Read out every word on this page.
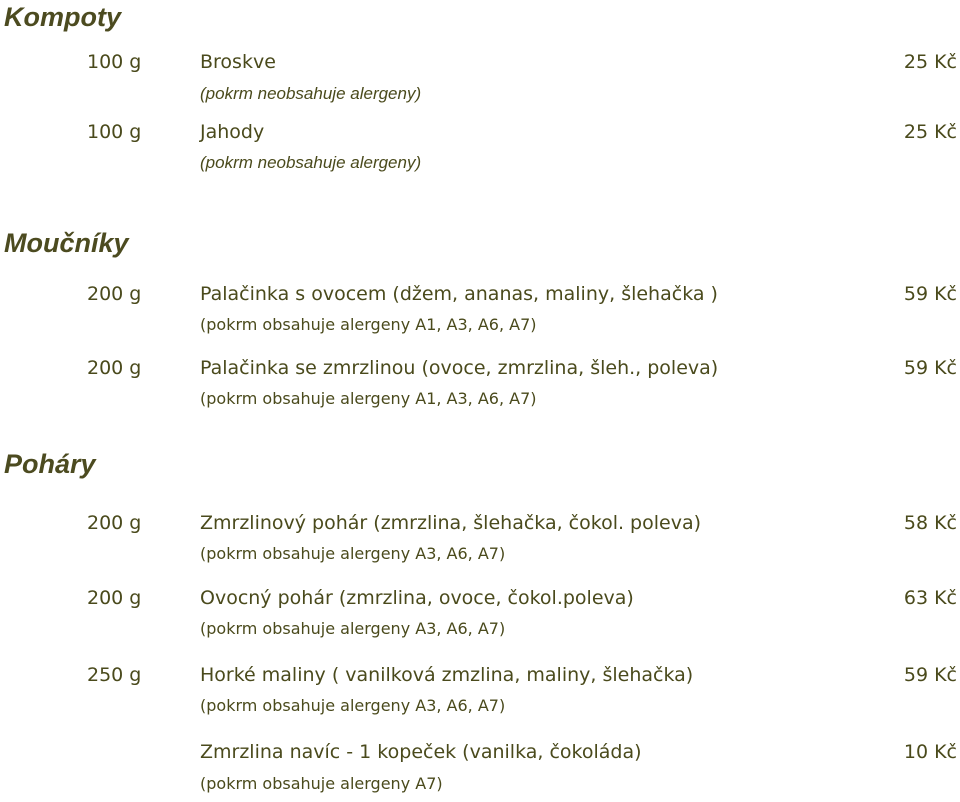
Kompoty
100 g	Broskve	25 Kč
(pokrm neobsahuje alergeny)
100 g	Jahody	25 Kč
(pokrm neobsahuje alergeny)
Moučníky
200 g	Palačinka s ovocem (džem, ananas, maliny, šlehačka )	59 Kč
(pokrm obsahuje alergeny A1, A3, A6, A7)
200 g	Palačinka se zmrzlinou (ovoce, zmrzlina, šleh., poleva)	59 Kč
(pokrm obsahuje alergeny A1, A3, A6, A7)
Poháry
200 g	Zmrzlinový pohár (zmrzlina, šlehačka, čokol. poleva)	58 Kč
(pokrm obsahuje alergeny A3, A6, A7)
200 g	Ovocný pohár (zmrzlina, ovoce, čokol.poleva)	63 Kč
(pokrm obsahuje alergeny A3, A6, A7)
250 g	Horké maliny ( vanilková zmzlina, maliny, šlehačka)	59 Kč
(pokrm obsahuje alergeny A3, A6, A7)
Zmrzlina navíc - 1 kopeček (vanilka, čokoláda)	10 Kč
(pokrm obsahuje alergeny A7)
